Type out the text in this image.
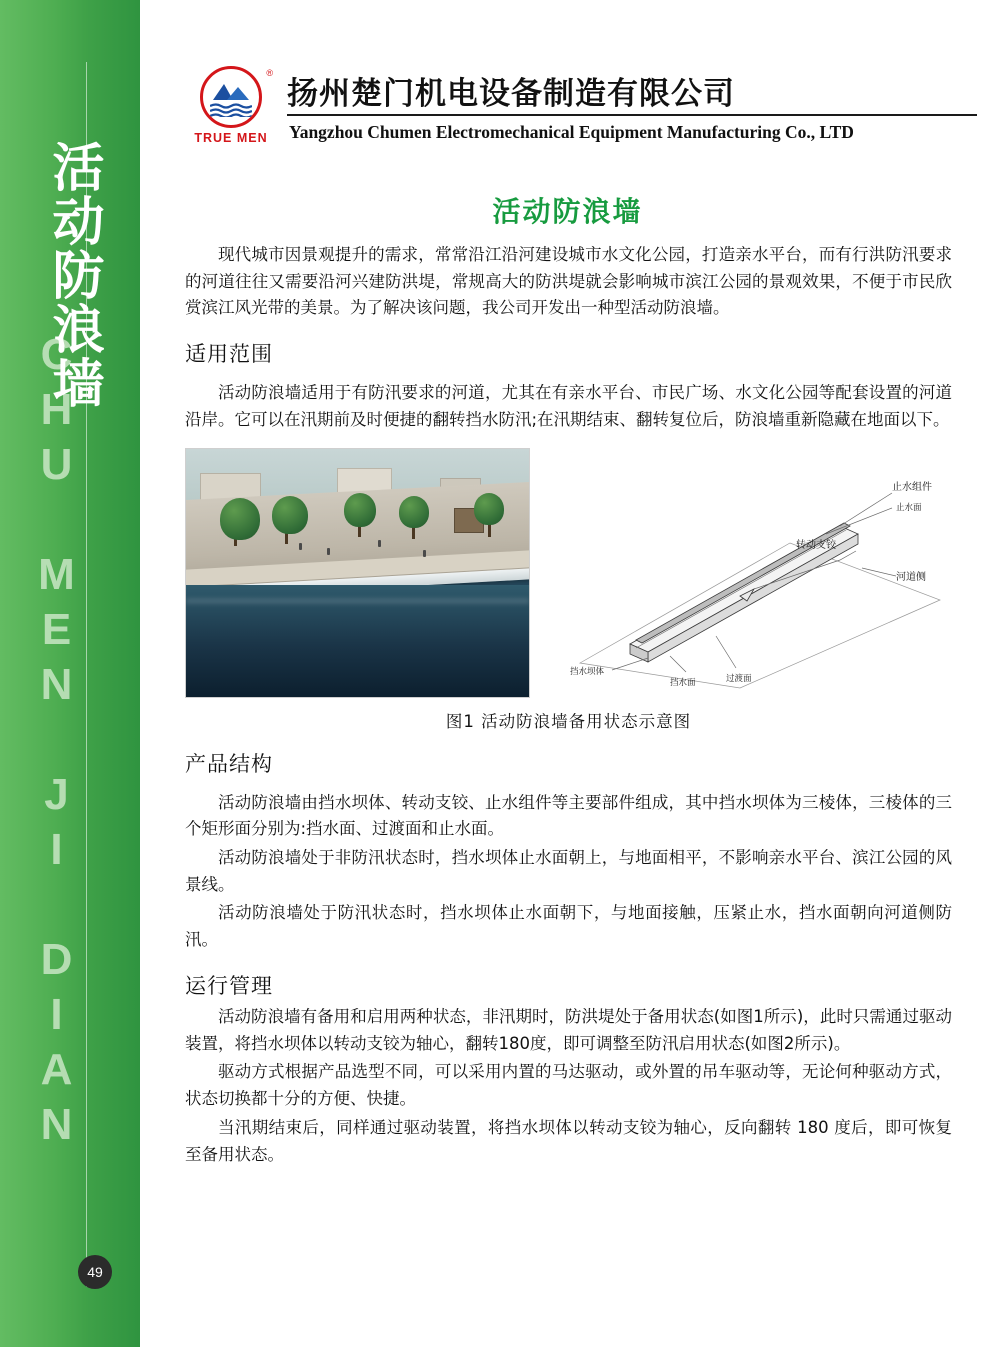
CHU MEN JI DIAN
活动防浪墙
49
®
TRUE MEN
扬州楚门机电设备制造有限公司
Yangzhou Chumen Electromechanical Equipment Manufacturing Co., LTD
活动防浪墙

现代城市因景观提升的需求，常常沿江沿河建设城市水文化公园，打造亲水平台，而有行洪防汛要求的河道往往又需要沿河兴建防洪堤，常规高大的防洪堤就会影响城市滨江公园的景观效果，不便于市民欣赏滨江风光带的美景。为了解决该问题，我公司开发出一种型活动防浪墙。

适用范围

活动防浪墙适用于有防汛要求的河道，尤其在有亲水平台、市民广场、水文化公园等配套设置的河道沿岸。它可以在汛期前及时便捷的翻转挡水防汛;在汛期结束、翻转复位后，防浪墙重新隐藏在地面以下。

止水组件
止水面
转动支铰
河道侧
挡水坝体
挡水面	过渡面
图1 活动防浪墙备用状态示意图
产品结构

活动防浪墙由挡水坝体、转动支铰、止水组件等主要部件组成，其中挡水坝体为三棱体，三棱体的三个矩形面分别为:挡水面、过渡面和止水面。

活动防浪墙处于非防汛状态时，挡水坝体止水面朝上，与地面相平，不影响亲水平台、滨江公园的风景线。

活动防浪墙处于防汛状态时，挡水坝体止水面朝下，与地面接触，压紧止水，挡水面朝向河道侧防汛。

运行管理

活动防浪墙有备用和启用两种状态，非汛期时，防洪堤处于备用状态(如图1所示)，此时只需通过驱动装置，将挡水坝体以转动支铰为轴心，翻转180度，即可调整至防汛启用状态(如图2所示)。

驱动方式根据产品选型不同，可以采用内置的马达驱动，或外置的吊车驱动等，无论何种驱动方式，状态切换都十分的方便、快捷。

当汛期结束后，同样通过驱动装置，将挡水坝体以转动支铰为轴心，反向翻转 180 度后，即可恢复至备用状态。
